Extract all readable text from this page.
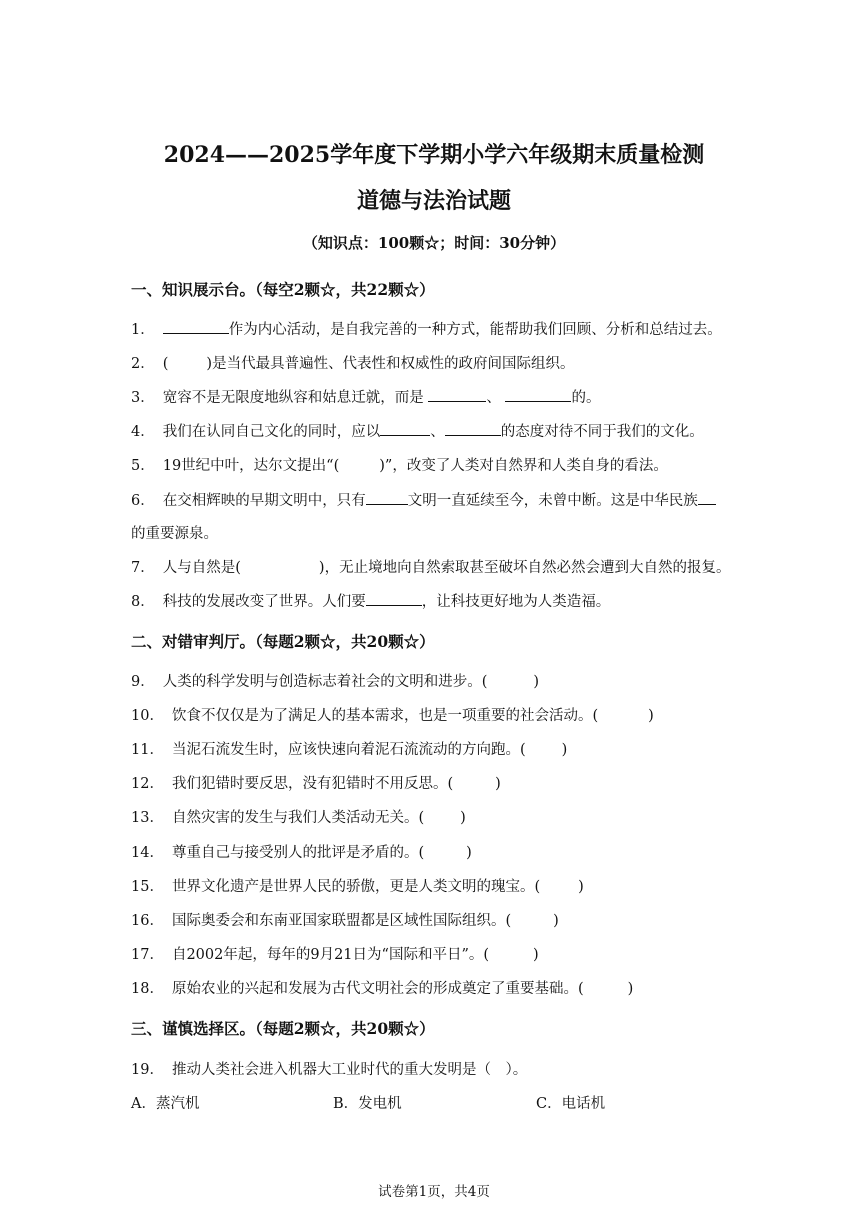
2024——2025学年度下学期小学六年级期末质量检测
道德与法治试题
（知识点：100颗☆；时间：30分钟）
一、知识展示台。（每空2颗☆，共22颗☆）
1．	作为内心活动，是自我完善的一种方式，能帮助我们回顾、分析和总结过去。
2． (	)是当代最具普遍性、代表性和权威性的政府间国际组织。
3． 宽容不是无限度地纵容和姑息迁就，而是	、	的。
4． 我们在认同自己文化的同时，应以	、	的态度对待不同于我们的文化。
5． 19世纪中叶，达尔文提出“(	)”，改变了人类对自然界和人类自身的看法。
6． 在交相辉映的早期文明中，只有	文明一直延续至今，未曾中断。这是中华民族
的重要源泉。
7． 人与自然是(	)，无止境地向自然索取甚至破坏自然必然会遭到大自然的报复。
8． 科技的发展改变了世界。人们要	，让科技更好地为人类造福。
二、对错审判厅。（每题2颗☆，共20颗☆）
9． 人类的科学发明与创造标志着社会的文明和进步。(	)
10． 饮食不仅仅是为了满足人的基本需求，也是一项重要的社会活动。(	)
11． 当泥石流发生时，应该快速向着泥石流流动的方向跑。( )
12． 我们犯错时要反思，没有犯错时不用反思。(	)
13． 自然灾害的发生与我们人类活动无关。( )
14． 尊重自己与接受别人的批评是矛盾的。(	)
15． 世界文化遗产是世界人民的骄傲，更是人类文明的瑰宝。(	)
16． 国际奥委会和东南亚国家联盟都是区域性国际组织。(	)
17． 自2002年起，每年的9月21日为“国际和平日”。(	)
18． 原始农业的兴起和发展为古代文明社会的形成奠定了重要基础。(	)
三、谨慎选择区。（每题2颗☆，共20颗☆）
19． 推动人类社会进入机器大工业时代的重大发明是（　）。
A．蒸汽机	B．发电机	C．电话机
试卷第1页，共4页
